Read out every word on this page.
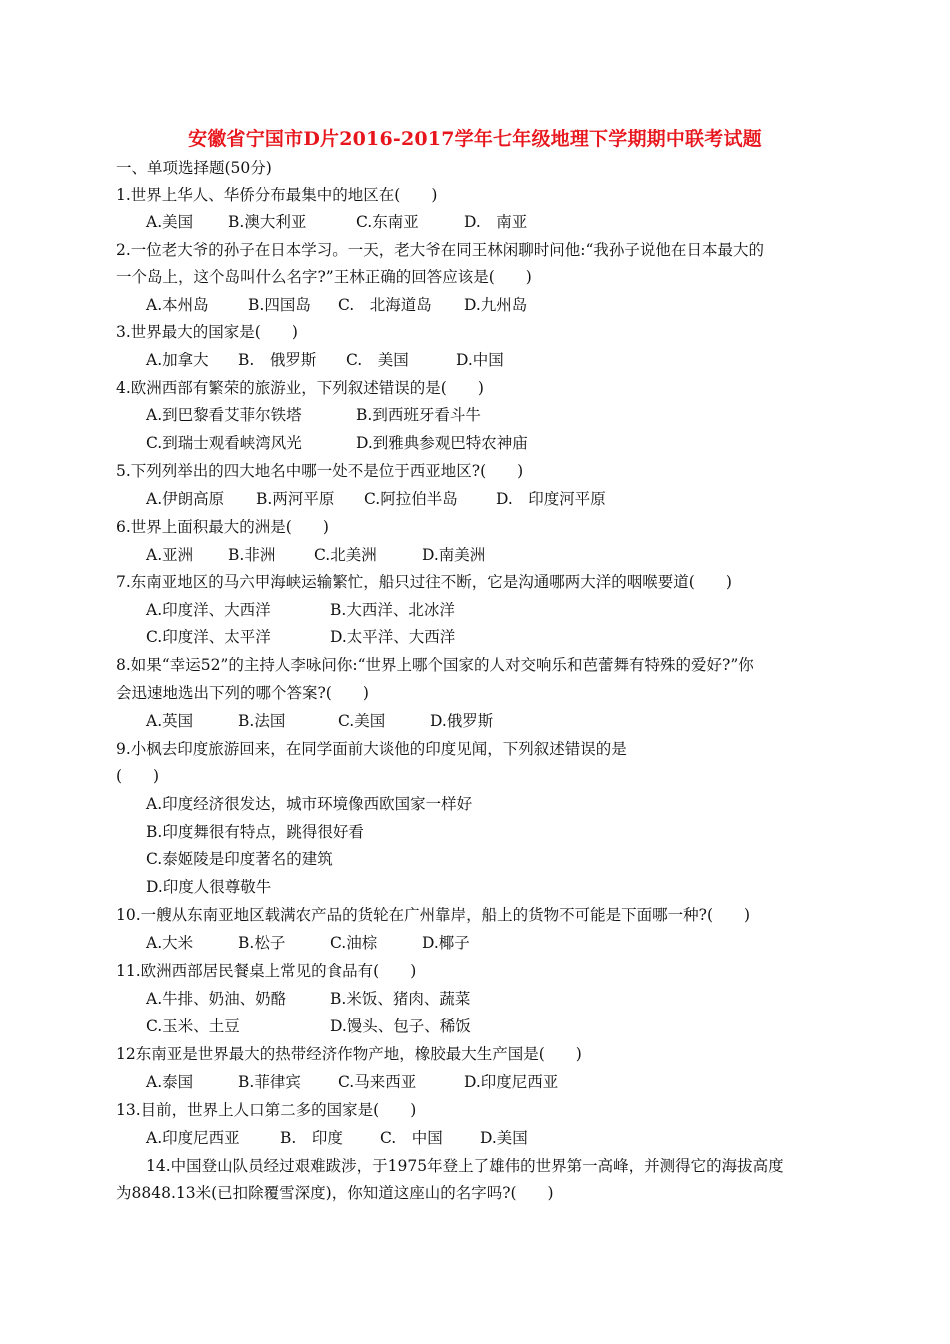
安徽省宁国市D片2016-2017学年七年级地理下学期期中联考试题
一、单项选择题(50分)
1.世界上华人、华侨分布最集中的地区在(　　)
A.美国 B.澳大利亚	C.东南亚	D.　南亚
2.一位老大爷的孙子在日本学习。一天，老大爷在同王林闲聊时问他:“我孙子说他在日本最大的
一个岛上，这个岛叫什么名字?”王林正确的回答应该是(　　)
A.本州岛	B.四国岛 C.　北海道岛 D.九州岛
3.世界最大的国家是(　　)
A.加拿大 B.　俄罗斯 C.　美国	D.中国
4.欧洲西部有繁荣的旅游业，下列叙述错误的是(　　)
A.到巴黎看艾菲尔铁塔	B.到西班牙看斗牛
C.到瑞士观看峡湾风光	D.到雅典参观巴特农神庙
5.下列列举出的四大地名中哪一处不是位于西亚地区?(　　)
A.伊朗高原 B.两河平原 C.阿拉伯半岛 D.　印度河平原
6.世界上面积最大的洲是(　　)
A.亚洲 B.非洲 C.北美洲	D.南美洲
7.东南亚地区的马六甲海峡运输繁忙，船只过往不断，它是沟通哪两大洋的咽喉要道(　　)
A.印度洋、大西洋	B.大西洋、北冰洋
C.印度洋、太平洋	D.太平洋、大西洋
8.如果“幸运52”的主持人李咏问你:“世界上哪个国家的人对交响乐和芭蕾舞有特殊的爱好?”你
会迅速地选出下列的哪个答案?(　　)
A.英国	B.法国	C.美国	D.俄罗斯
9.小枫去印度旅游回来，在同学面前大谈他的印度见闻，下列叙述错误的是
(　　)
A.印度经济很发达，城市环境像西欧国家一样好
B.印度舞很有特点，跳得很好看
C.泰姬陵是印度著名的建筑
D.印度人很尊敬牛
10.一艘从东南亚地区载满农产品的货轮在广州靠岸，船上的货物不可能是下面哪一种?(　　)
A.大米	B.松子	C.油棕	D.椰子
11.欧洲西部居民餐桌上常见的食品有(　　)
A.牛排、奶油、奶酪	B.米饭、猪肉、蔬菜
C.玉米、土豆	D.馒头、包子、稀饭
12东南亚是世界最大的热带经济作物产地，橡胶最大生产国是(　　)
A.泰国	B.菲律宾 C.马来西亚	D.印度尼西亚
13.目前，世界上人口第二多的国家是(　　)
A.印度尼西亚	B.　印度 C.　中国 D.美国
14.中国登山队员经过艰难跋涉，于1975年登上了雄伟的世界第一高峰，并测得它的海拔高度
为8848.13米(已扣除覆雪深度)，你知道这座山的名字吗?(　　)
